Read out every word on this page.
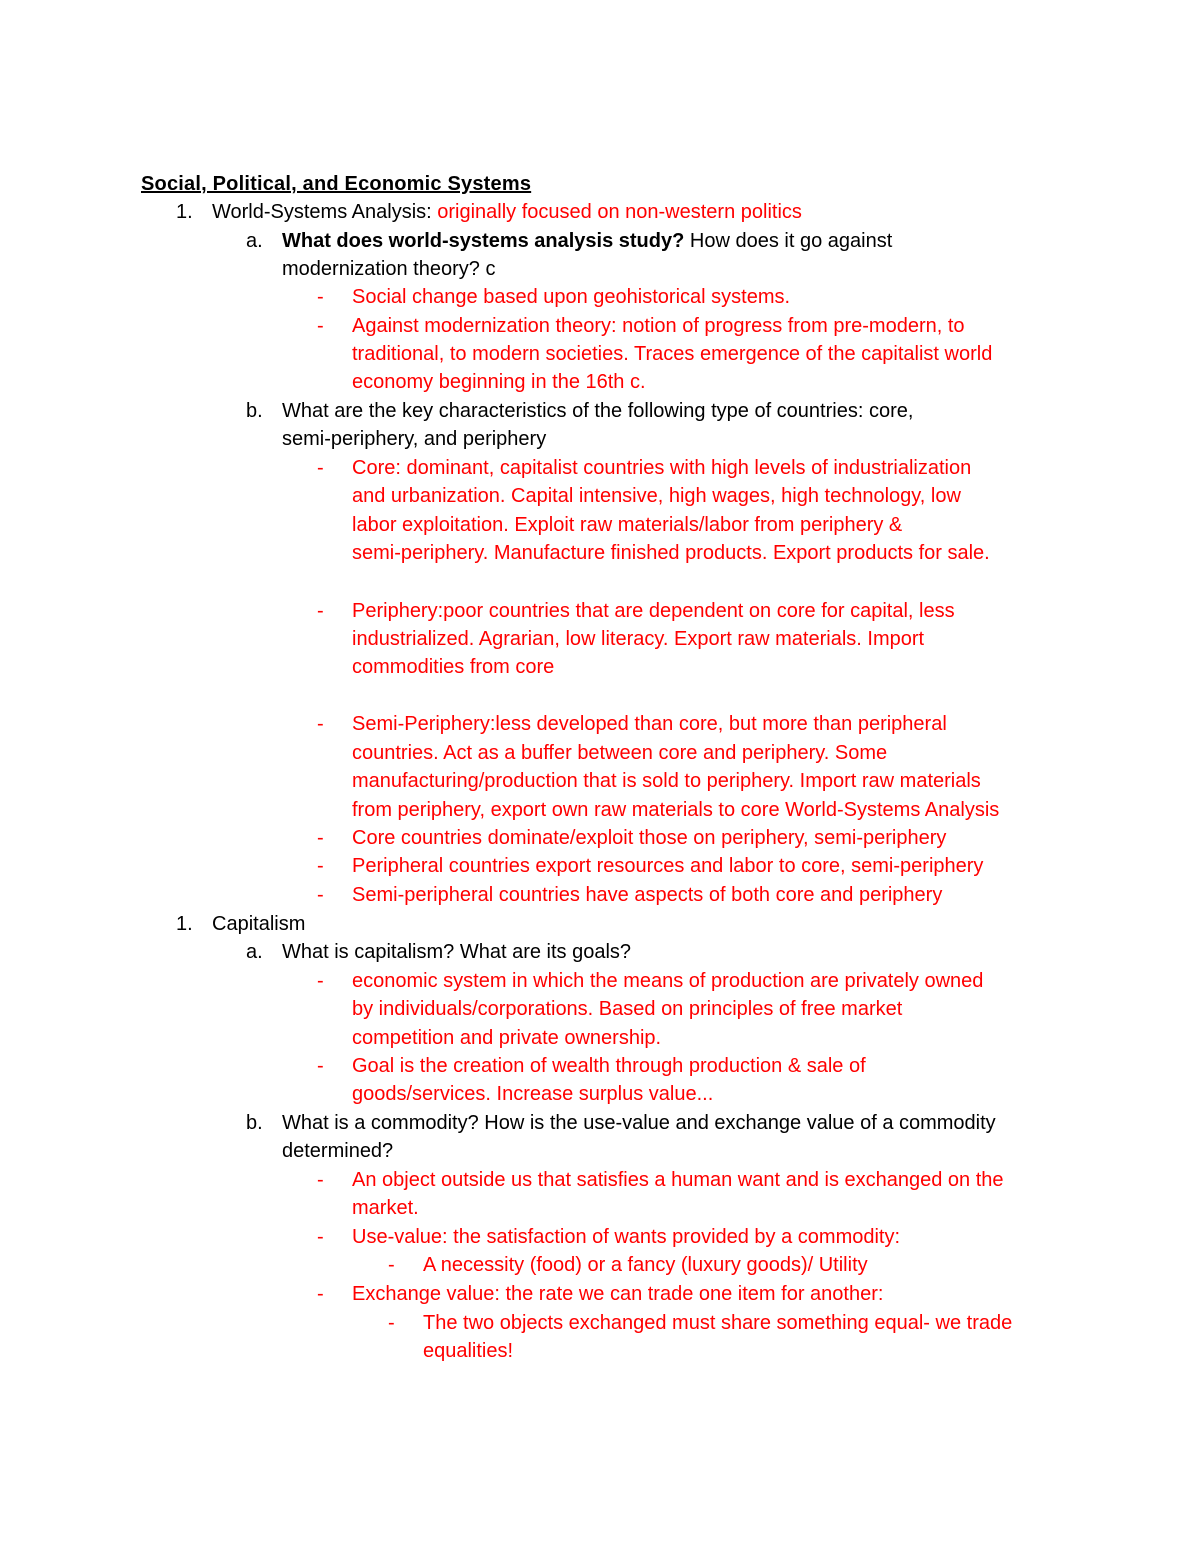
Social, Political, and Economic Systems
1. World-Systems Analysis: originally focused on non-western politics
a. What does world-systems analysis study? How does it go against
modernization theory? c
- Social change based upon geohistorical systems.
- Against modernization theory: notion of progress from pre-modern, to
traditional, to modern societies. Traces emergence of the capitalist world
economy beginning in the 16th c.
b. What are the key characteristics of the following type of countries: core,
semi-periphery, and periphery
- Core: dominant, capitalist countries with high levels of industrialization
and urbanization. Capital intensive, high wages, high technology, low
labor exploitation. Exploit raw materials/labor from periphery &
semi-periphery. Manufacture finished products. Export products for sale.
- Periphery:poor countries that are dependent on core for capital, less
industrialized. Agrarian, low literacy. Export raw materials. Import
commodities from core
- Semi-Periphery:less developed than core, but more than peripheral
countries. Act as a buffer between core and periphery. Some
manufacturing/production that is sold to periphery. Import raw materials
from periphery, export own raw materials to core World-Systems Analysis
- Core countries dominate/exploit those on periphery, semi-periphery
- Peripheral countries export resources and labor to core, semi-periphery
- Semi-peripheral countries have aspects of both core and periphery
1. Capitalism
a. What is capitalism? What are its goals?
- economic system in which the means of production are privately owned
by individuals/corporations. Based on principles of free market
competition and private ownership.
- Goal is the creation of wealth through production & sale of
goods/services. Increase surplus value...
b. What is a commodity? How is the use-value and exchange value of a commodity
determined?
- An object outside us that satisfies a human want and is exchanged on the
market.
- Use-value: the satisfaction of wants provided by a commodity:
- A necessity (food) or a fancy (luxury goods)/ Utility
- Exchange value: the rate we can trade one item for another:
- The two objects exchanged must share something equal- we trade
equalities!
